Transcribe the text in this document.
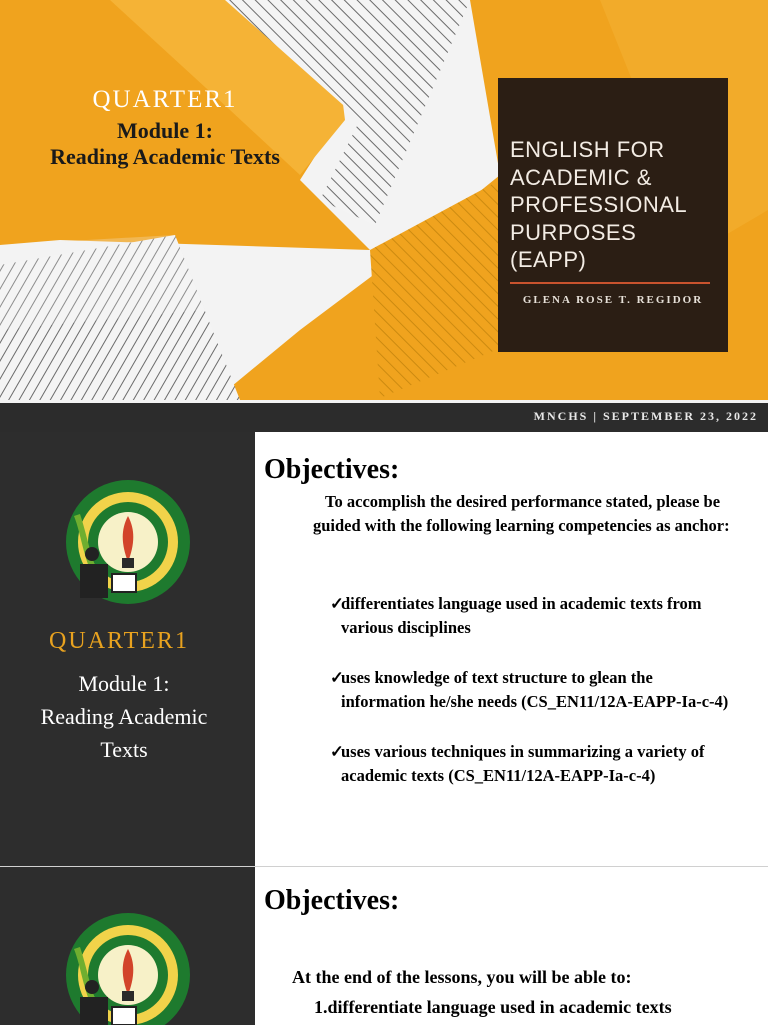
QUARTER1
Module 1:
Reading Academic Texts	ENGLISH FOR
ACADEMIC &
PROFESSIONAL
PURPOSES
(EAPP)
GLENA ROSE T. REGIDOR
MNCHS | SEPTEMBER 23, 2022
QUARTER1
Module 1:
Reading Academic
Texts
Objectives:
To accomplish the desired performance stated, please be guided with the following learning competencies as anchor:
✓
differentiates language used in academic texts from various disciplines
✓
uses knowledge of text structure to glean the information he/she needs (CS_EN11/12A-EAPP-Ia-c-4)
✓
uses various techniques in summarizing a variety of academic texts (CS_EN11/12A-EAPP-Ia-c-4)
Objectives:
At the end of the lessons, you will be able to:
1.differentiate language used in academic texts
